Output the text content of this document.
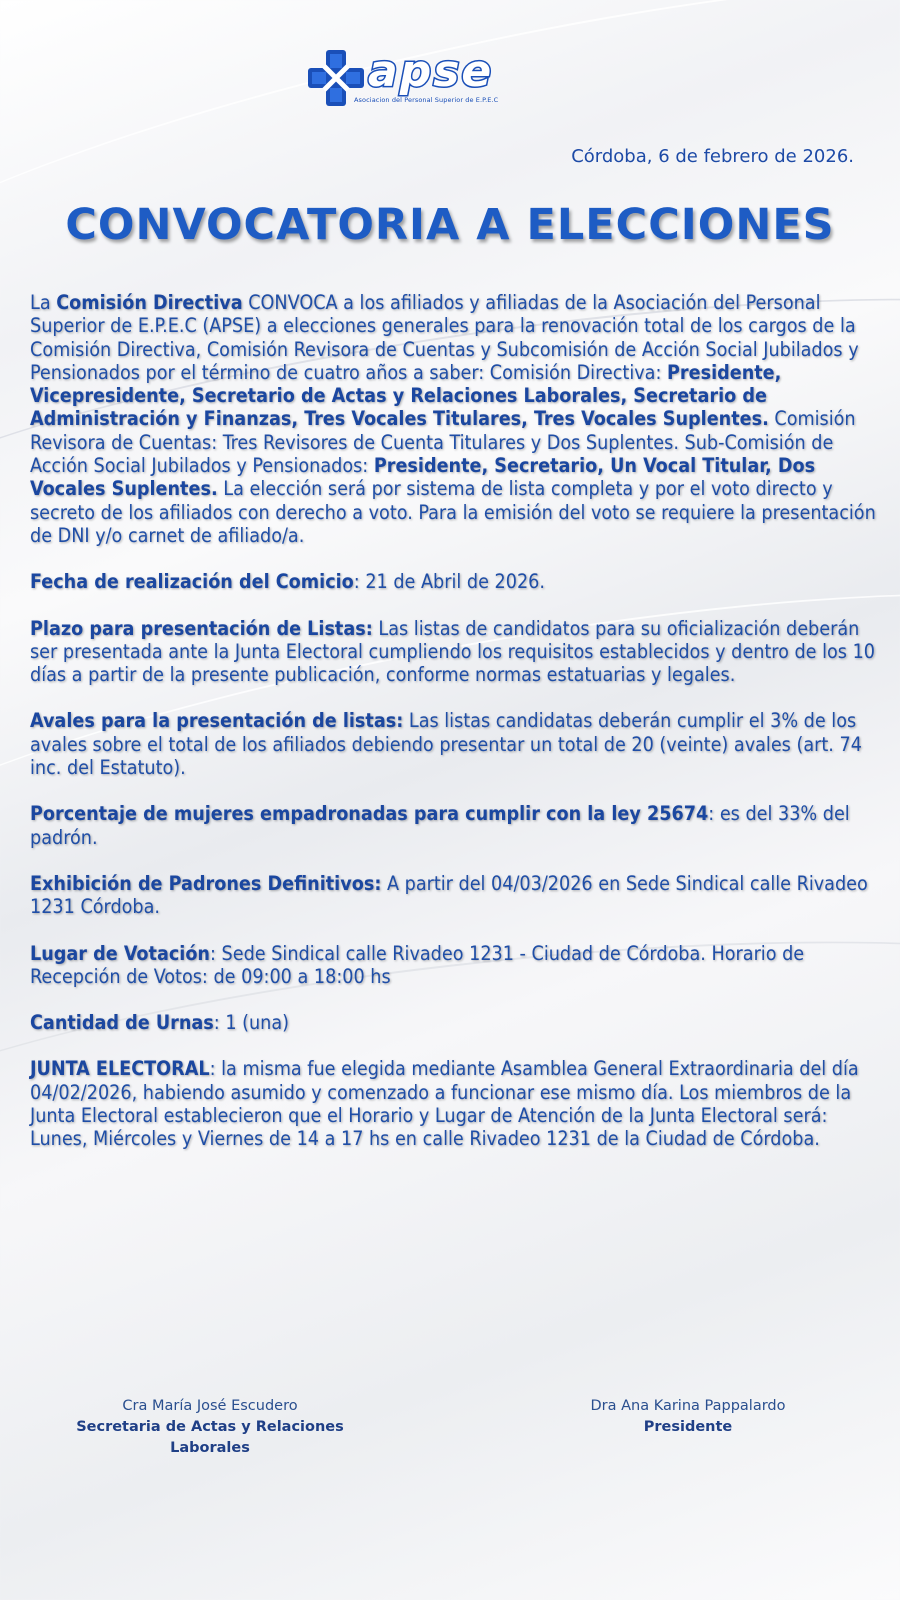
apse
Asociacion del Personal Superior de E.P.E.C
Córdoba, 6 de febrero de 2026.
CONVOCATORIA A ELECCIONES

La Comisión Directiva CONVOCA a los afiliados y afiliadas de la Asociación del Personal Superior de E.P.E.C (APSE) a elecciones generales para la renovación total de los cargos de la Comisión Directiva, Comisión Revisora de Cuentas y Subcomisión de Acción Social Jubilados y Pensionados por el término de cuatro años a saber: Comisión Directiva: Presidente, Vicepresidente, Secretario de Actas y Relaciones Laborales, Secretario de Administración y Finanzas, Tres Vocales Titulares, Tres Vocales Suplentes. Comisión Revisora de Cuentas: Tres Revisores de Cuenta Titulares y Dos Suplentes. Sub-Comisión de Acción Social Jubilados y Pensionados: Presidente, Secretario, Un Vocal Titular, Dos Vocales Suplentes. La elección será por sistema de lista completa y por el voto directo y secreto de los afiliados con derecho a voto. Para la emisión del voto se requiere la presentación de DNI y/o carnet de afiliado/a.

Fecha de realización del Comicio: 21 de Abril de 2026.

Plazo para presentación de Listas: Las listas de candidatos para su oficialización deberán ser presentada ante la Junta Electoral cumpliendo los requisitos establecidos y dentro de los 10 días a partir de la presente publicación, conforme normas estatuarias y legales.

Avales para la presentación de listas: Las listas candidatas deberán cumplir el 3% de los avales sobre el total de los afiliados debiendo presentar un total de 20 (veinte) avales (art. 74 inc. del Estatuto).

Porcentaje de mujeres empadronadas para cumplir con la ley 25674: es del 33% del padrón.

Exhibición de Padrones Definitivos: A partir del 04/03/2026 en Sede Sindical calle Rivadeo 1231 Córdoba.

Lugar de Votación: Sede Sindical calle Rivadeo 1231 - Ciudad de Córdoba. Horario de Recepción de Votos: de 09:00 a 18:00 hs

Cantidad de Urnas: 1 (una)

JUNTA ELECTORAL: la misma fue elegida mediante Asamblea General Extraordinaria del día 04/02/2026, habiendo asumido y comenzado a funcionar ese mismo día. Los miembros de la Junta Electoral establecieron que el Horario y Lugar de Atención de la Junta Electoral será: Lunes, Miércoles y Viernes de 14 a 17 hs en calle Rivadeo 1231 de la Ciudad de Córdoba.

Cra María José Escudero
Secretaria de Actas y Relaciones Laborales
Dra Ana Karina Pappalardo
Presidente
